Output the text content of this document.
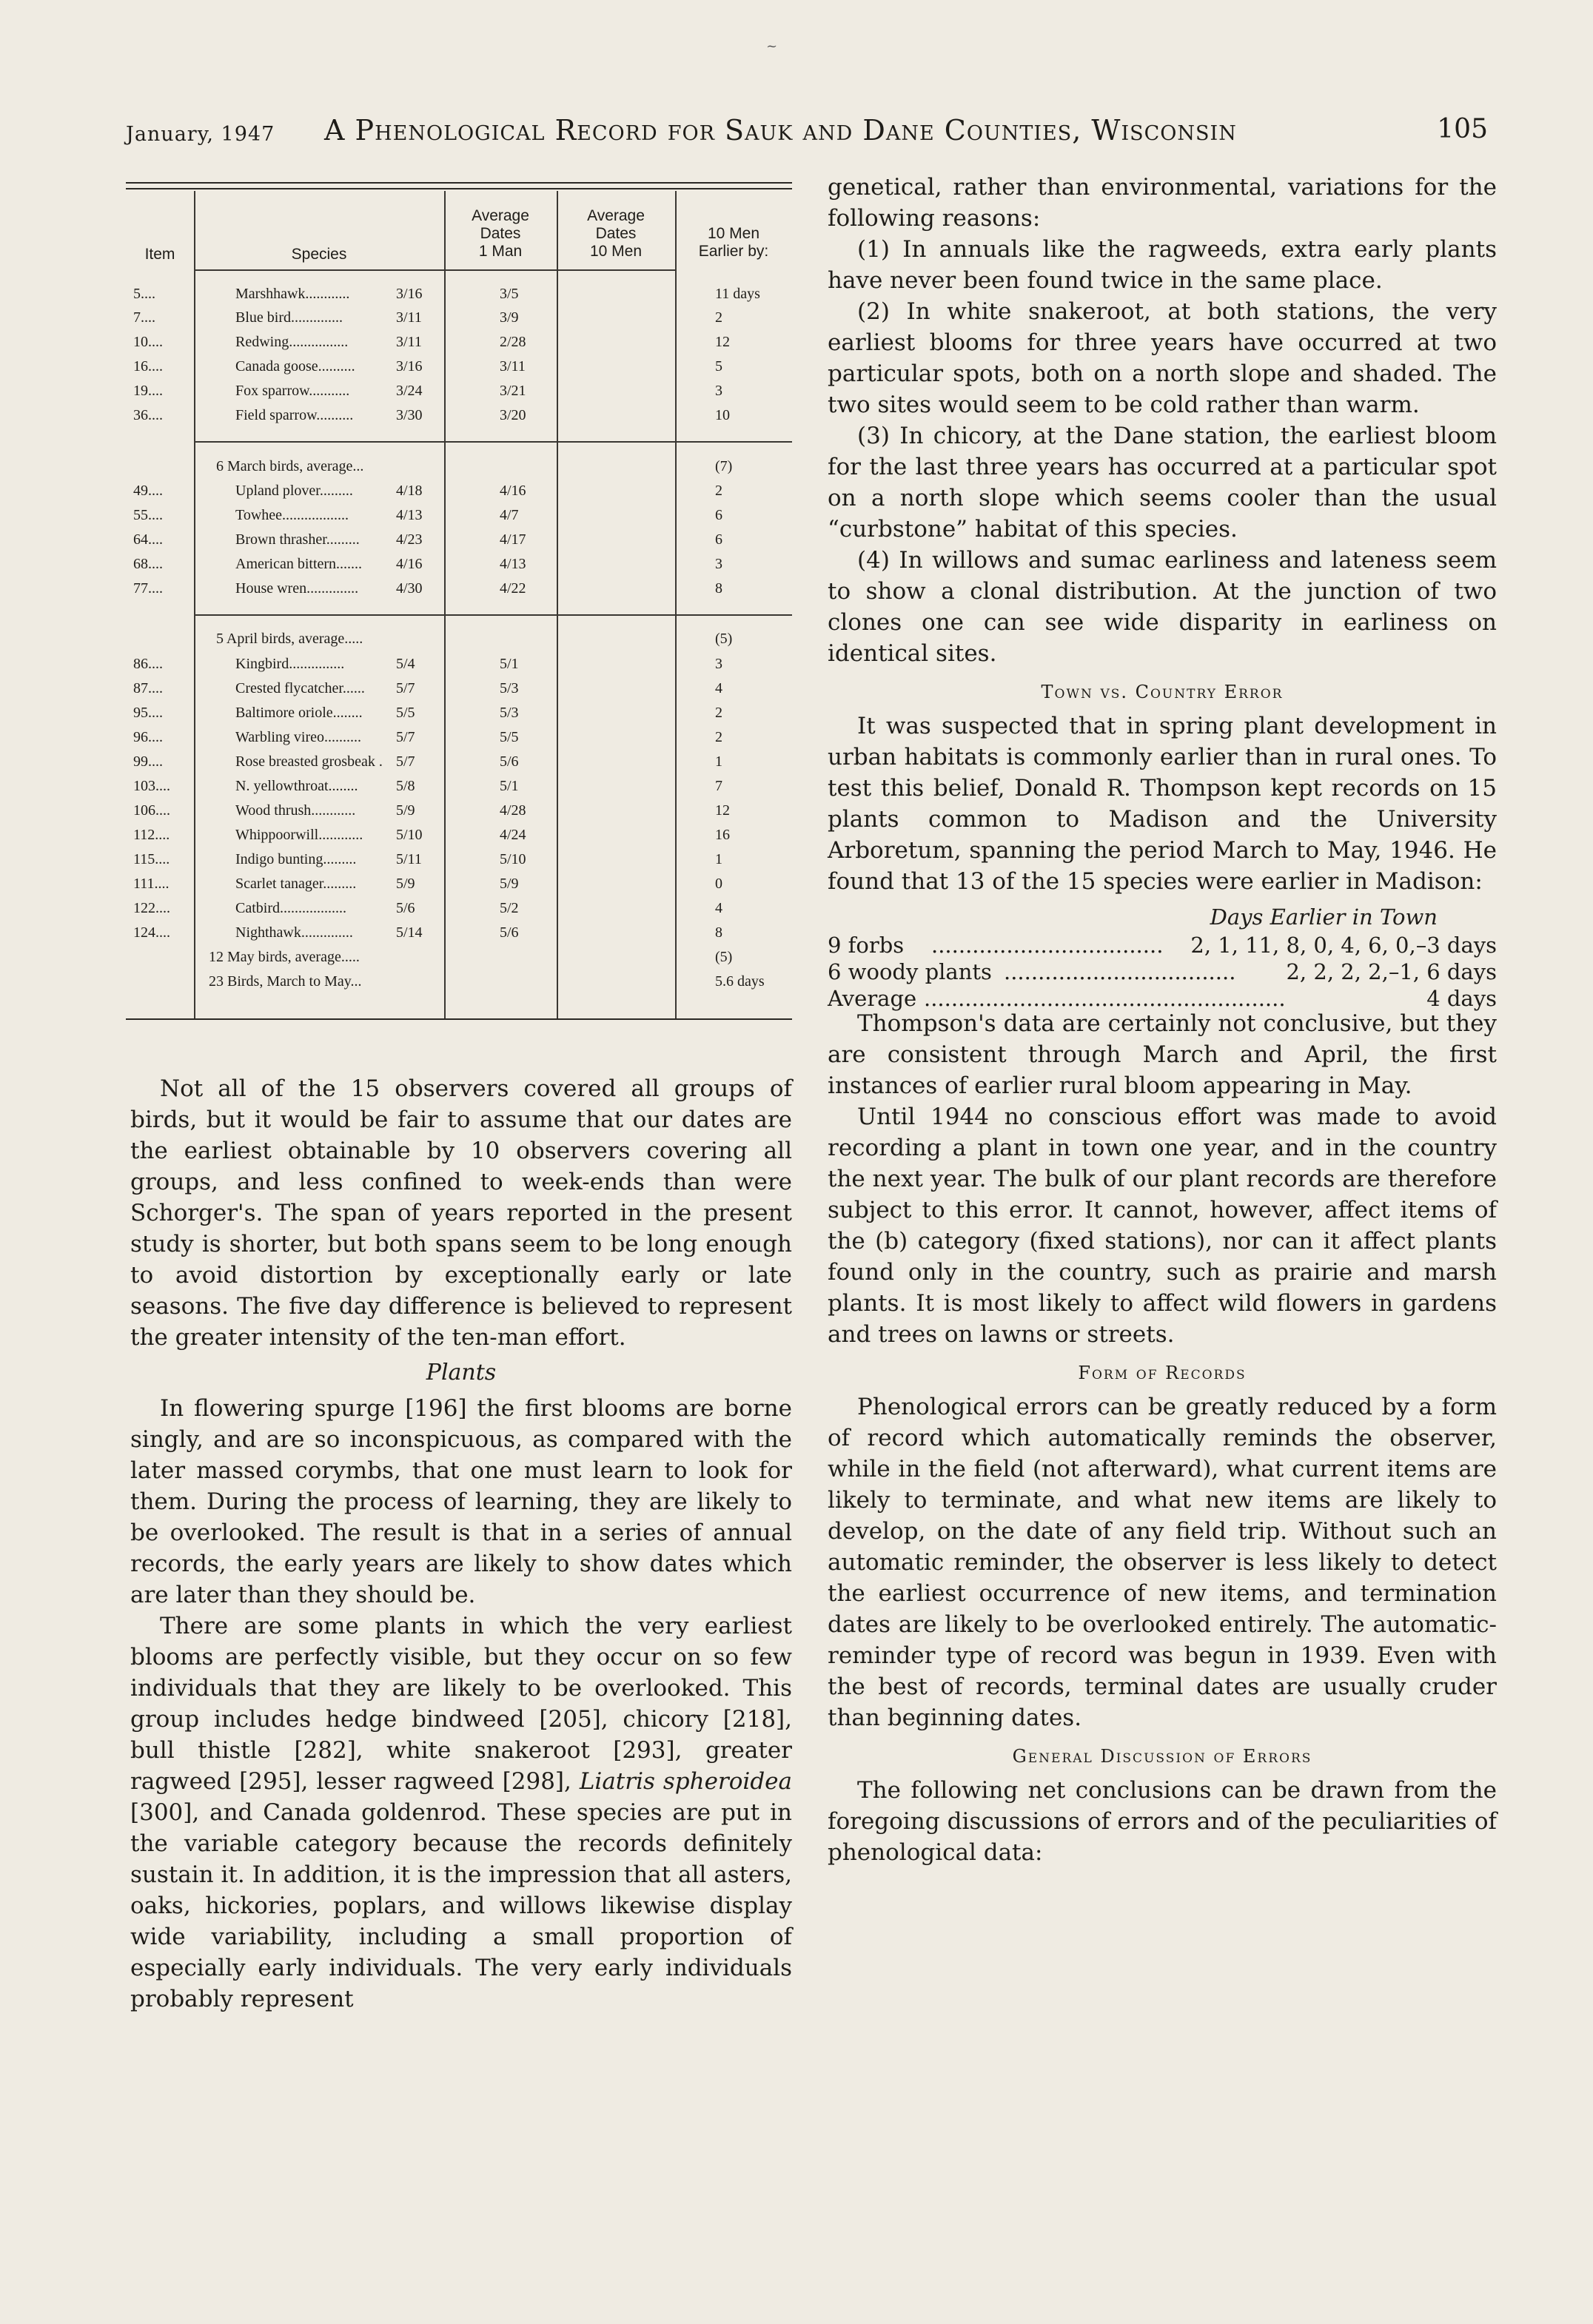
~
January, 1947 A Phenological Record for Sauk and Dane Counties, Wisconsin	105
Item	Species
Average
Dates
1 Man
Average
Dates
10 Men
10 Men
Earlier by:
5....	Marshhawk............	3/16	3/5	11 days
7....	Blue bird..............	3/11	3/9	2
10....	Redwing................	3/11	2/28	12
16....	Canada goose..........	3/16	3/11	5
19....	Fox sparrow...........	3/24	3/21	3
36....	Field sparrow..........	3/30	3/20	10
6 March birds, average...	(7)
49....	Upland plover.........	4/18	4/16	2
55....	Towhee..................	4/13	4/7	6
64....	Brown thrasher......... 4/23	4/17	6
68....	American bittern....... 4/16	4/13	3
77....	House wren..............	4/30	4/22	8
5 April birds, average.....	(5)
86....	Kingbird...............	5/4	5/1	3
87....	Crested flycatcher...... 5/7	5/3	4
95....	Baltimore oriole........ 5/5	5/3	2
96....	Warbling vireo.......... 5/7	5/5	2
99....	Rose breasted grosbeak . 5/7	5/6	1
103....	N. yellowthroat........	5/8	5/1	7
106....	Wood thrush............	5/9	4/28	12
112....	Whippoorwill............ 5/10	4/24	16
115....	Indigo bunting.........	5/11	5/10	1
111....	Scarlet tanager.........	5/9	5/9	0
122....	Catbird..................	5/6	5/2	4
124....	Nighthawk..............	5/14	5/6	8
12 May birds, average.....	(5)
23 Birds, March to May...	5.6 days

Not all of the 15 observers covered all groups of birds, but it would be fair to assume that our dates are the earliest obtainable by 10 observers covering all groups, and less confined to week-ends than were Schorger's. The span of years reported in the present study is shorter, but both spans seem to be long enough to avoid distortion by exceptionally early or late seasons. The five day difference is believed to represent the greater intensity of the ten-man effort.

Plants

In flowering spurge [196] the first blooms are borne singly, and are so inconspicuous, as compared with the later massed corymbs, that one must learn to look for them. During the process of learning, they are likely to be overlooked. The result is that in a series of annual records, the early years are likely to show dates which are later than they should be.

There are some plants in which the very earliest blooms are perfectly visible, but they occur on so few individuals that they are likely to be overlooked. This group includes hedge bindweed [205], chicory [218], bull thistle [282], white snakeroot [293], greater ragweed [295], lesser ragweed [298], Liatris spheroidea [300], and Canada goldenrod. These species are put in the variable category because the records definitely sustain it. In addition, it is the impression that all asters, oaks, hickories, poplars, and willows likewise display wide variability, including a small proportion of especially early individuals. The very early individuals probably represent

genetical, rather than environmental, variations for the following reasons:

(1) In annuals like the ragweeds, extra early plants have never been found twice in the same place.

(2) In white snakeroot, at both stations, the very earliest blooms for three years have occurred at two particular spots, both on a north slope and shaded. The two sites would seem to be cold rather than warm.

(3) In chicory, at the Dane station, the earliest bloom for the last three years has occurred at a particular spot on a north slope which seems cooler than the usual “curbstone” habitat of this species.

(4) In willows and sumac earliness and lateness seem to show a clonal distribution. At the junction of two clones one can see wide disparity in earliness on identical sites.

Town vs. Country Error

It was suspected that in spring plant development in urban habitats is commonly earlier than in rural ones. To test this belief, Donald R. Thompson kept records on 15 plants common to Madison and the University Arboretum, spanning the period March to May, 1946. He found that 13 of the 15 species were earlier in Madison:

Days Earlier in Town
9 forbs ..................................	2, 1, 11, 8, 0, 4, 6, 0,–3 days
6 woody plants ..................................	2, 2, 2, 2,–1, 6 days
Average .....................................................	4 days

Thompson's data are certainly not conclusive, but they are consistent through March and April, the first instances of earlier rural bloom appearing in May.

Until 1944 no conscious effort was made to avoid recording a plant in town one year, and in the country the next year. The bulk of our plant records are therefore subject to this error. It cannot, however, affect items of the (b) category (fixed stations), nor can it affect plants found only in the country, such as prairie and marsh plants. It is most likely to affect wild flowers in gardens and trees on lawns or streets.

Form of Records

Phenological errors can be greatly reduced by a form of record which automatically reminds the observer, while in the field (not afterward), what current items are likely to terminate, and what new items are likely to develop, on the date of any field trip. Without such an automatic reminder, the observer is less likely to detect the earliest occurrence of new items, and termination dates are likely to be overlooked entirely. The automatic-reminder type of record was begun in 1939. Even with the best of records, terminal dates are usually cruder than beginning dates.

General Discussion of Errors

The following net conclusions can be drawn from the foregoing discussions of errors and of the peculiarities of phenological data:
